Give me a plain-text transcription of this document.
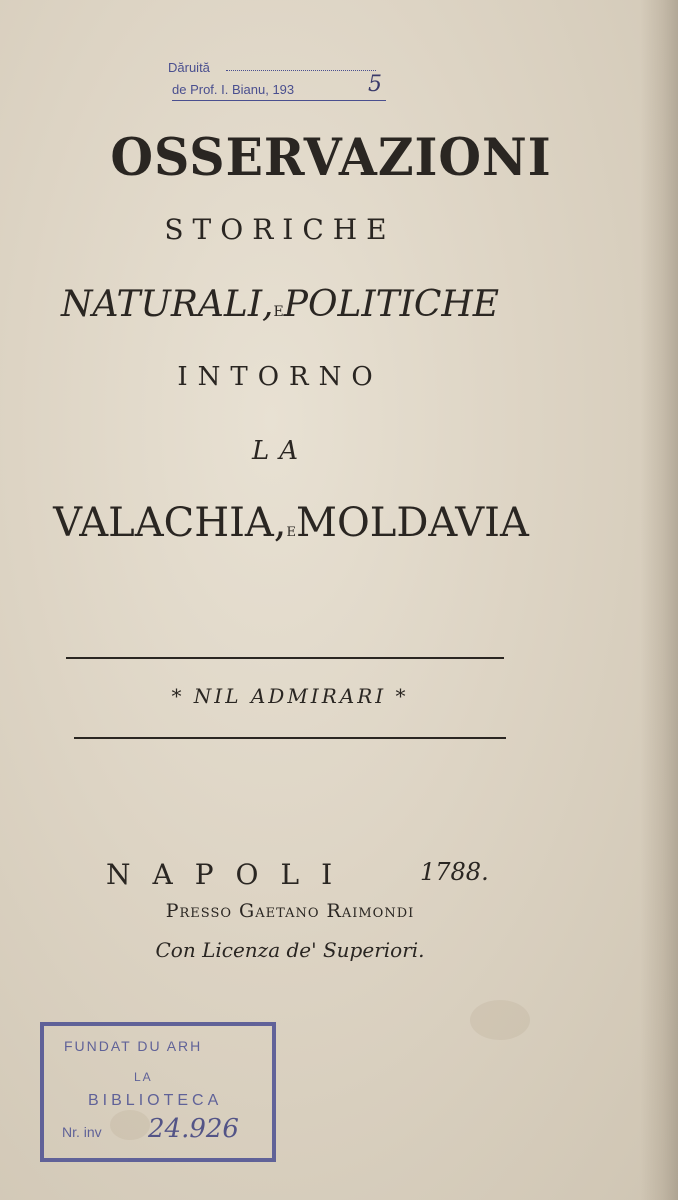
Dăruită
de Prof. I. Bianu, 193	5
OSSERVAZIONI
STORICHE
NATURALI,EPOLITICHE
INTORNO
LA
VALACHIA,EMOLDAVIA
* NIL ADMIRARI *
NAPOLI	1788.
Presso Gaetano Raimondi
Con Licenza de' Superiori.
FUNDAT DU ARH
LA
BIBLIOTECA
Nr. inv 24.926
